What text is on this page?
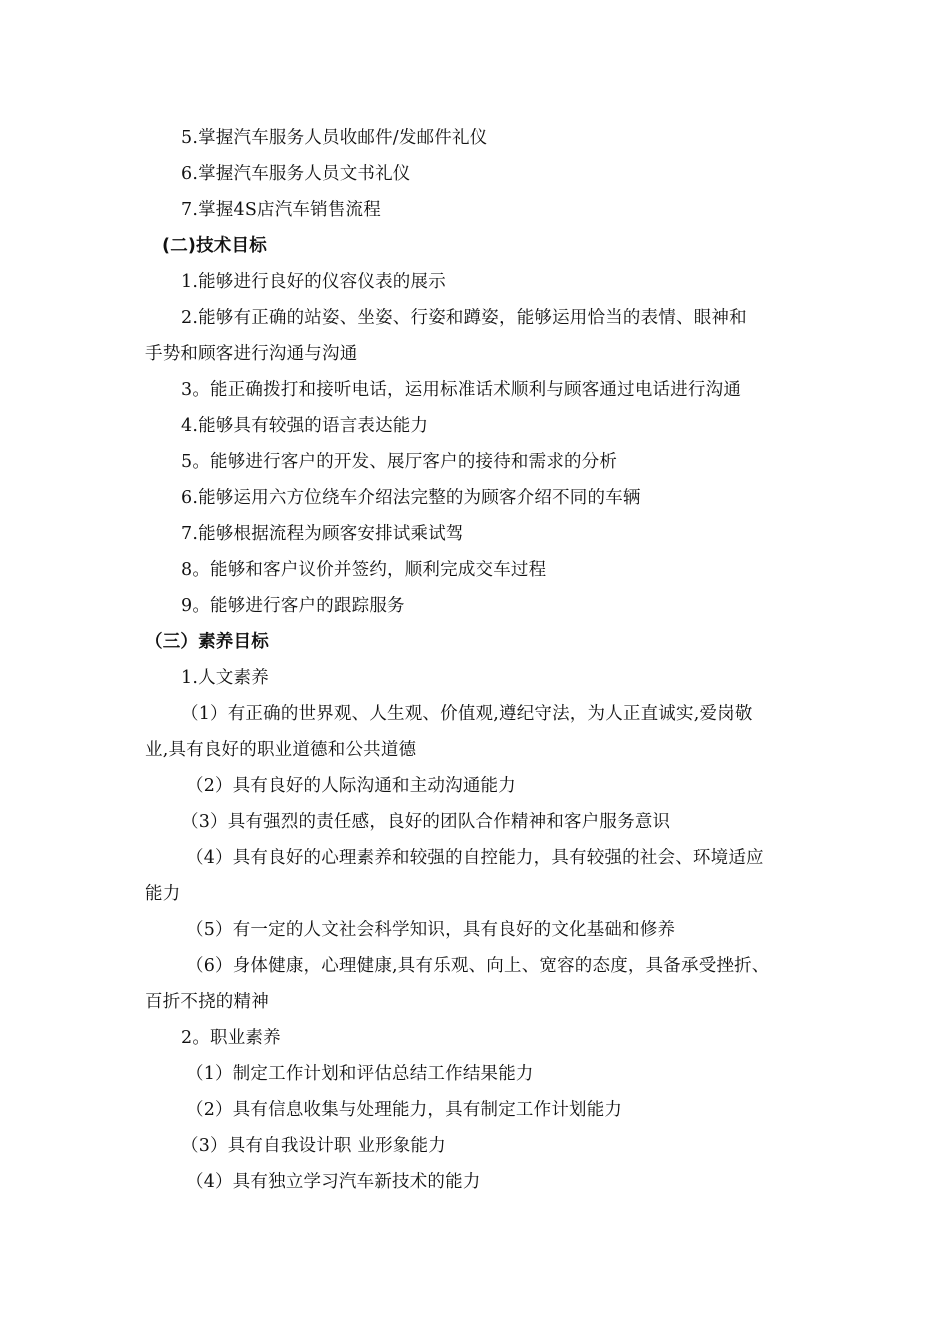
5.掌握汽车服务人员收邮件/发邮件礼仪
6.掌握汽车服务人员文书礼仪
7.掌握4S店汽车销售流程
(二)技术目标
1.能够进行良好的仪容仪表的展示
2.能够有正确的站姿、坐姿、行姿和蹲姿，能够运用恰当的表情、眼神和
手势和顾客进行沟通与沟通
3。能正确拨打和接听电话，运用标准话术顺利与顾客通过电话进行沟通
4.能够具有较强的语言表达能力
5。能够进行客户的开发、展厅客户的接待和需求的分析
6.能够运用六方位绕车介绍法完整的为顾客介绍不同的车辆
7.能够根据流程为顾客安排试乘试驾
8。能够和客户议价并签约，顺利完成交车过程
9。能够进行客户的跟踪服务
（三）素养目标
1.人文素养
（1）有正确的世界观、人生观、价值观,遵纪守法，为人正直诚实,爱岗敬
业,具有良好的职业道德和公共道德
（2）具有良好的人际沟通和主动沟通能力
（3）具有强烈的责任感，良好的团队合作精神和客户服务意识
（4）具有良好的心理素养和较强的自控能力，具有较强的社会、环境适应
能力
（5）有一定的人文社会科学知识，具有良好的文化基础和修养
（6）身体健康，心理健康,具有乐观、向上、宽容的态度，具备承受挫折、
百折不挠的精神
2。职业素养
（1）制定工作计划和评估总结工作结果能力
（2）具有信息收集与处理能力，具有制定工作计划能力
（3）具有自我设计职 业形象能力
（4）具有独立学习汽车新技术的能力
